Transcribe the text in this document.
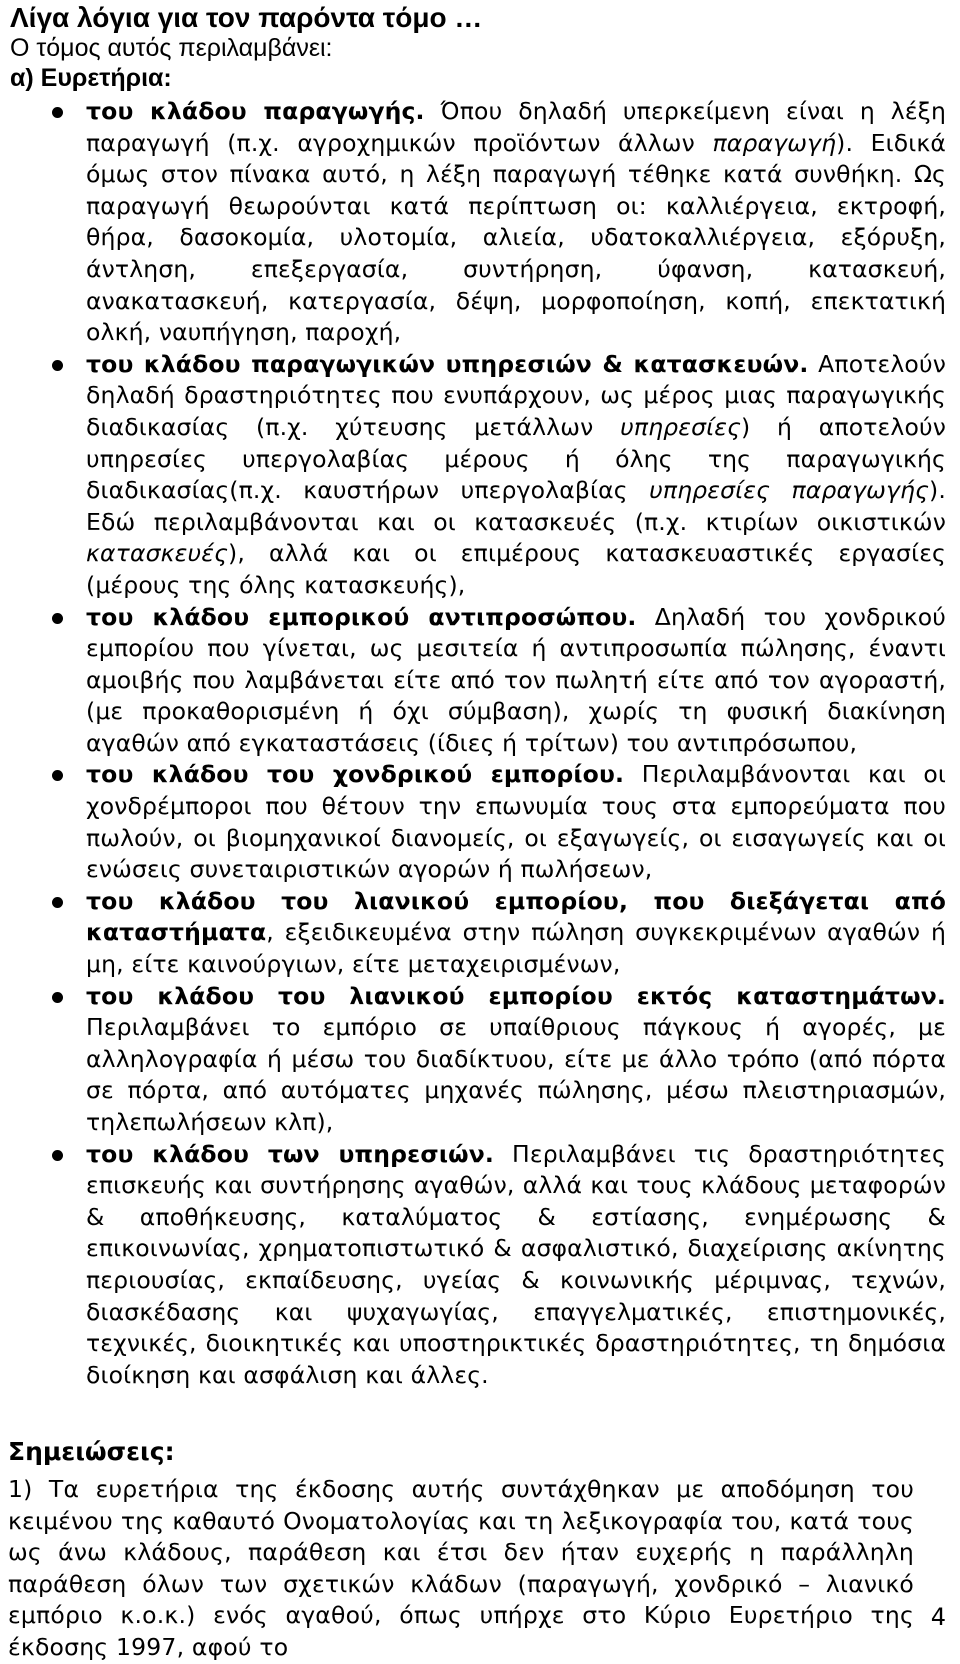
Λίγα λόγια για τον παρόντα τόμο …
Ο τόμος αυτός περιλαμβάνει:
α) Ευρετήρια:

του κλάδου παραγωγής. Όπου δηλαδή υπερκείμενη είναι η λέξη παραγωγή (π.χ. αγροχημικών προϊόντων άλλων παραγωγή). Ειδικά όμως στον πίνακα αυτό, η λέξη παραγωγή τέθηκε κατά συνθήκη. Ως παραγωγή θεωρούνται κατά περίπτωση οι: καλλιέργεια, εκτροφή, θήρα, δασοκομία, υλοτομία, αλιεία, υδατοκαλλιέργεια, εξόρυξη, άντληση, επεξεργασία, συντήρηση, ύφανση, κατασκευή, ανακατασκευή, κατεργασία, δέψη, μορφοποίηση, κοπή, επεκτατική ολκή, ναυπήγηση, παροχή,

του κλάδου παραγωγικών υπηρεσιών & κατασκευών. Αποτελούν δηλαδή δραστηριότητες που ενυπάρχουν, ως μέρος μιας παραγωγικής διαδικασίας (π.χ. χύτευσης μετάλλων υπηρεσίες) ή αποτελούν υπηρεσίες υπεργολαβίας μέρους ή όλης της παραγωγικής διαδικασίας(π.χ. καυστήρων υπεργολαβίας υπηρεσίες παραγωγής). Εδώ περιλαμβάνονται και οι κατασκευές (π.χ. κτιρίων οικιστικών κατασκευές), αλλά και οι επιμέρους κατασκευαστικές εργασίες (μέρους της όλης κατασκευής),

του κλάδου εμπορικού αντιπροσώπου. Δηλαδή του χονδρικού εμπορίου που γίνεται, ως μεσιτεία ή αντιπροσωπία πώλησης, έναντι αμοιβής που λαμβάνεται είτε από τον πωλητή είτε από τον αγοραστή, (με προκαθορισμένη ή όχι σύμβαση), χωρίς τη φυσική διακίνηση αγαθών από εγκαταστάσεις (ίδιες ή τρίτων) του αντιπρόσωπου,

του κλάδου του χονδρικού εμπορίου. Περιλαμβάνονται και οι χονδρέμποροι που θέτουν την επωνυμία τους στα εμπορεύματα που πωλούν, οι βιομηχανικοί διανομείς, οι εξαγωγείς, οι εισαγωγείς και οι ενώσεις συνεταιριστικών αγορών ή πωλήσεων,

του κλάδου του λιανικού εμπορίου, που διεξάγεται από καταστήματα, εξειδικευμένα στην πώληση συγκεκριμένων αγαθών ή μη, είτε καινούργιων, είτε μεταχειρισμένων,

του κλάδου του λιανικού εμπορίου εκτός καταστημάτων. Περιλαμβάνει το εμπόριο σε υπαίθριους πάγκους ή αγορές, με αλληλογραφία ή μέσω του διαδίκτυου, είτε με άλλο τρόπο (από πόρτα σε πόρτα, από αυτόματες μηχανές πώλησης, μέσω πλειστηριασμών, τηλεπωλήσεων κλπ),

του κλάδου των υπηρεσιών. Περιλαμβάνει τις δραστηριότητες επισκευής και συντήρησης αγαθών, αλλά και τους κλάδους μεταφορών & αποθήκευσης, καταλύματος & εστίασης, ενημέρωσης & επικοινωνίας, χρηματοπιστωτικό & ασφαλιστικό, διαχείρισης ακίνητης περιουσίας, εκπαίδευσης, υγείας & κοινωνικής μέριμνας, τεχνών, διασκέδασης και ψυχαγωγίας, επαγγελματικές, επιστημονικές, τεχνικές, διοικητικές και υποστηρικτικές δραστηριότητες, τη δημόσια διοίκηση και ασφάλιση και άλλες.

Σημειώσεις:

1) Τα ευρετήρια της έκδοσης αυτής συντάχθηκαν με αποδόμηση του κειμένου της καθαυτό Ονοματολογίας και τη λεξικογραφία του, κατά τους ως άνω κλάδους, παράθεση και έτσι δεν ήταν ευχερής η παράλληλη παράθεση όλων των σχετικών κλάδων (παραγωγή, χονδρικό – λιανικό εμπόριο κ.ο.κ.) ενός αγαθού, όπως υπήρχε στο Κύριο Ευρετήριο της έκδοσης 1997, αφού το

4
